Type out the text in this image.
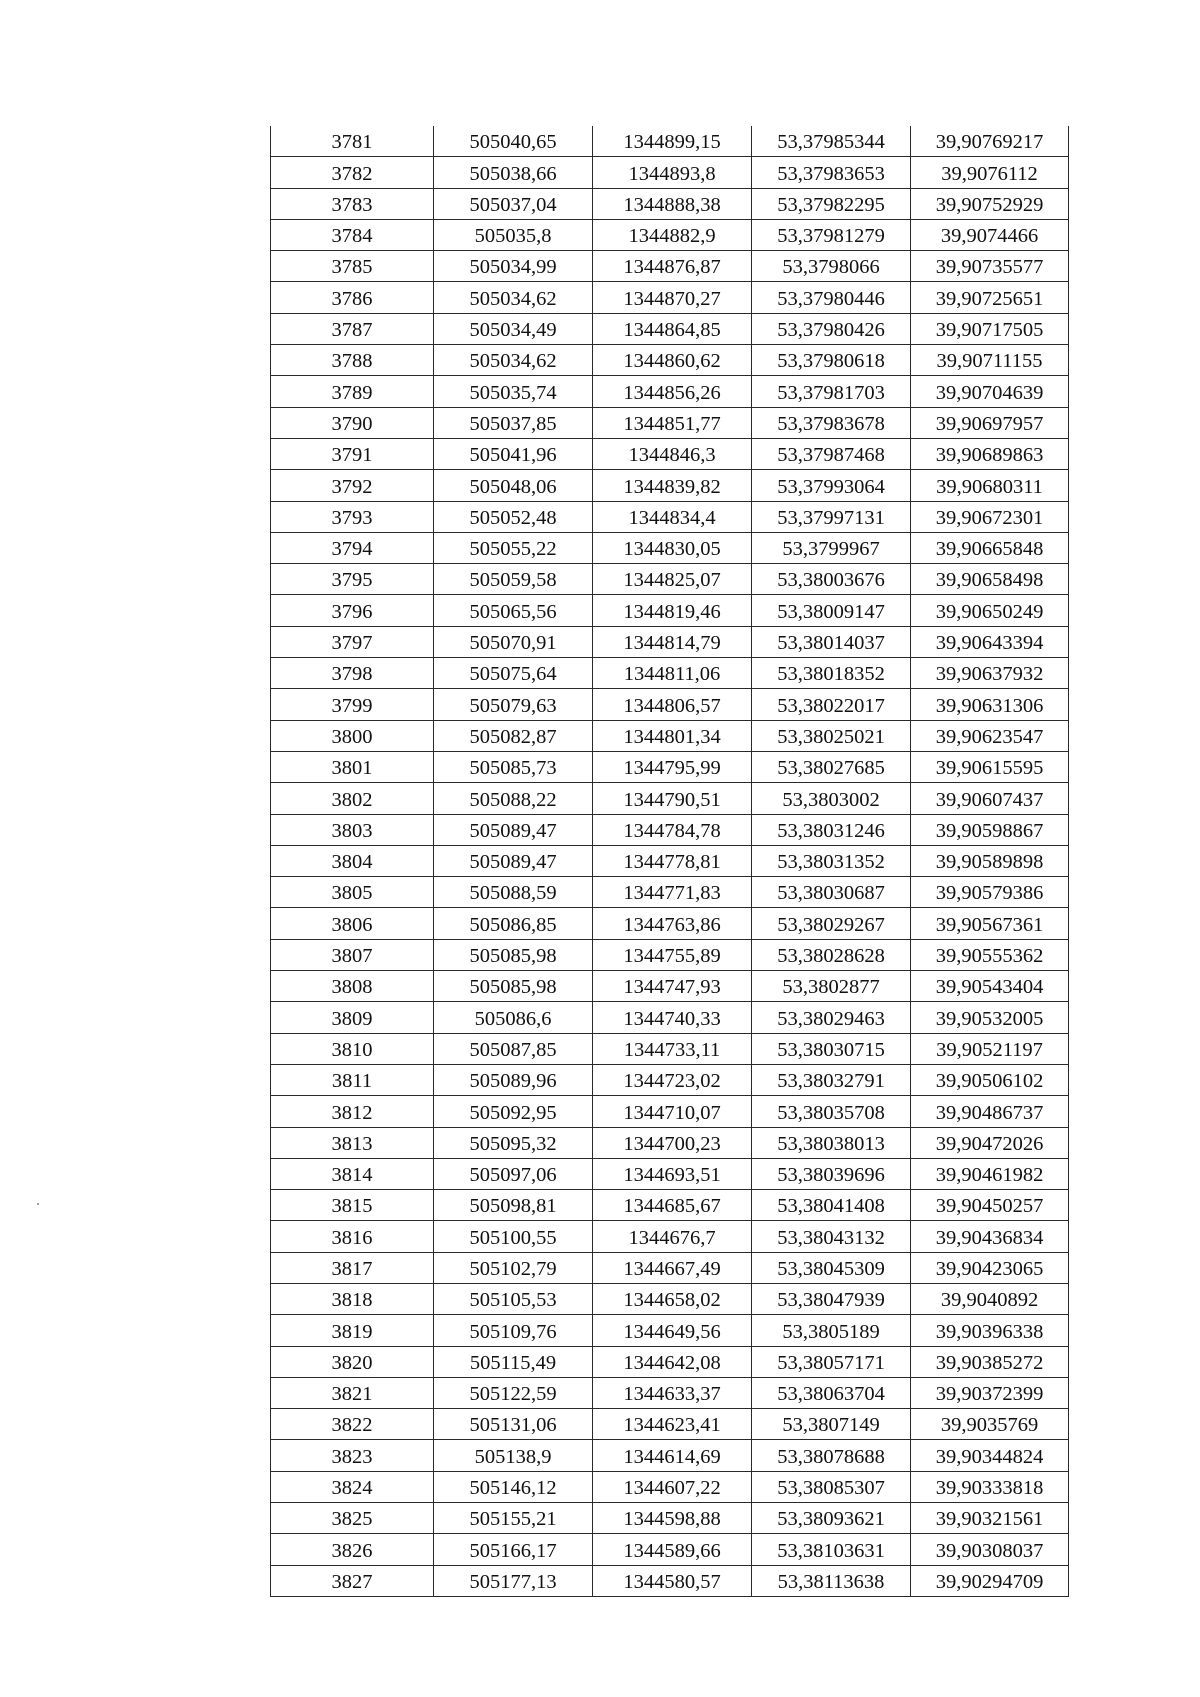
3781	505040,65	1344899,15	53,37985344	39,90769217
3782	505038,66	1344893,8	53,37983653	39,9076112
3783	505037,04	1344888,38	53,37982295	39,90752929
3784	505035,8	1344882,9	53,37981279	39,9074466
3785	505034,99	1344876,87	53,3798066	39,90735577
3786	505034,62	1344870,27	53,37980446	39,90725651
3787	505034,49	1344864,85	53,37980426	39,90717505
3788	505034,62	1344860,62	53,37980618	39,90711155
3789	505035,74	1344856,26	53,37981703	39,90704639
3790	505037,85	1344851,77	53,37983678	39,90697957
3791	505041,96	1344846,3	53,37987468	39,90689863
3792	505048,06	1344839,82	53,37993064	39,90680311
3793	505052,48	1344834,4	53,37997131	39,90672301
3794	505055,22	1344830,05	53,3799967	39,90665848
3795	505059,58	1344825,07	53,38003676	39,90658498
3796	505065,56	1344819,46	53,38009147	39,90650249
3797	505070,91	1344814,79	53,38014037	39,90643394
3798	505075,64	1344811,06	53,38018352	39,90637932
3799	505079,63	1344806,57	53,38022017	39,90631306
3800	505082,87	1344801,34	53,38025021	39,90623547
3801	505085,73	1344795,99	53,38027685	39,90615595
3802	505088,22	1344790,51	53,3803002	39,90607437
3803	505089,47	1344784,78	53,38031246	39,90598867
3804	505089,47	1344778,81	53,38031352	39,90589898
3805	505088,59	1344771,83	53,38030687	39,90579386
3806	505086,85	1344763,86	53,38029267	39,90567361
3807	505085,98	1344755,89	53,38028628	39,90555362
3808	505085,98	1344747,93	53,3802877	39,90543404
3809	505086,6	1344740,33	53,38029463	39,90532005
3810	505087,85	1344733,11	53,38030715	39,90521197
3811	505089,96	1344723,02	53,38032791	39,90506102
3812	505092,95	1344710,07	53,38035708	39,90486737
3813	505095,32	1344700,23	53,38038013	39,90472026
3814	505097,06	1344693,51	53,38039696	39,90461982
3815	505098,81	1344685,67	53,38041408	39,90450257
3816	505100,55	1344676,7	53,38043132	39,90436834
3817	505102,79	1344667,49	53,38045309	39,90423065
3818	505105,53	1344658,02	53,38047939	39,9040892
3819	505109,76	1344649,56	53,3805189	39,90396338
3820	505115,49	1344642,08	53,38057171	39,90385272
3821	505122,59	1344633,37	53,38063704	39,90372399
3822	505131,06	1344623,41	53,3807149	39,9035769
3823	505138,9	1344614,69	53,38078688	39,90344824
3824	505146,12	1344607,22	53,38085307	39,90333818
3825	505155,21	1344598,88	53,38093621	39,90321561
3826	505166,17	1344589,66	53,38103631	39,90308037
3827	505177,13	1344580,57	53,38113638	39,90294709
